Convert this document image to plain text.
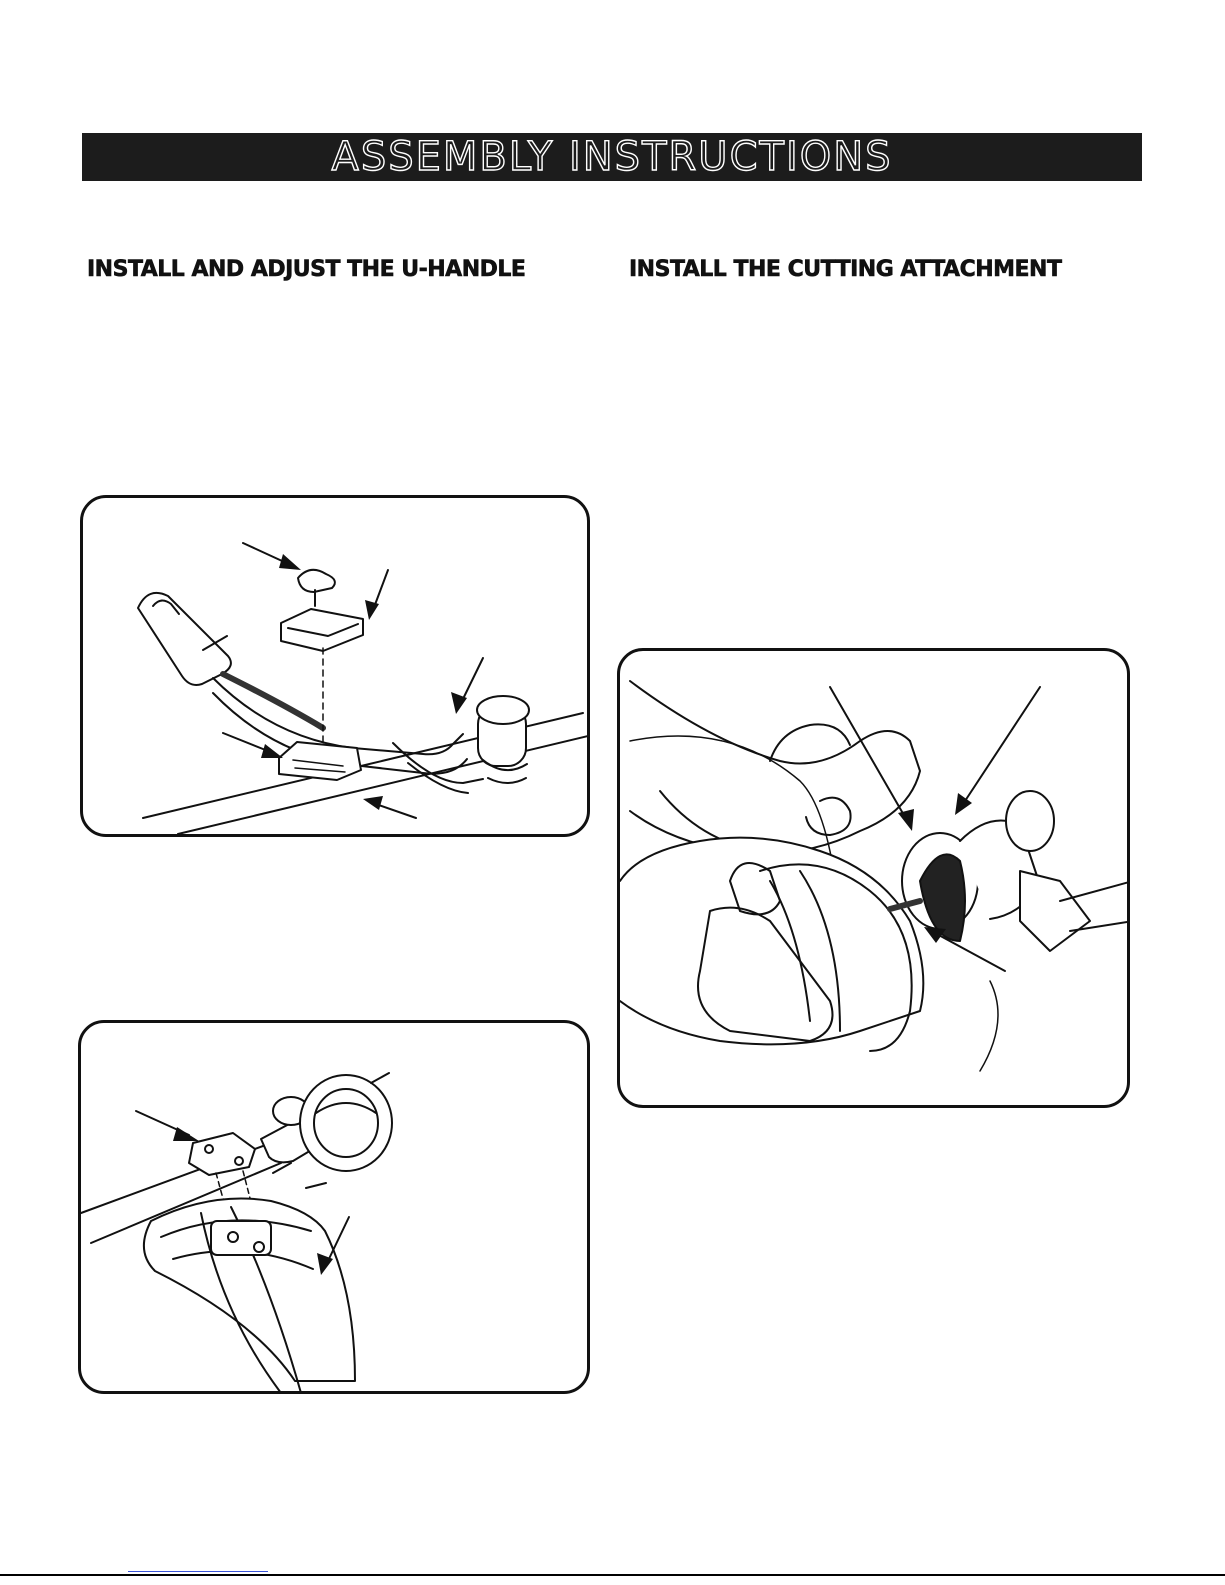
ASSEMBLY INSTRUCTIONS
INSTALL AND ADJUST THE U-HANDLE	INSTALL THE CUTTING ATTACHMENT
